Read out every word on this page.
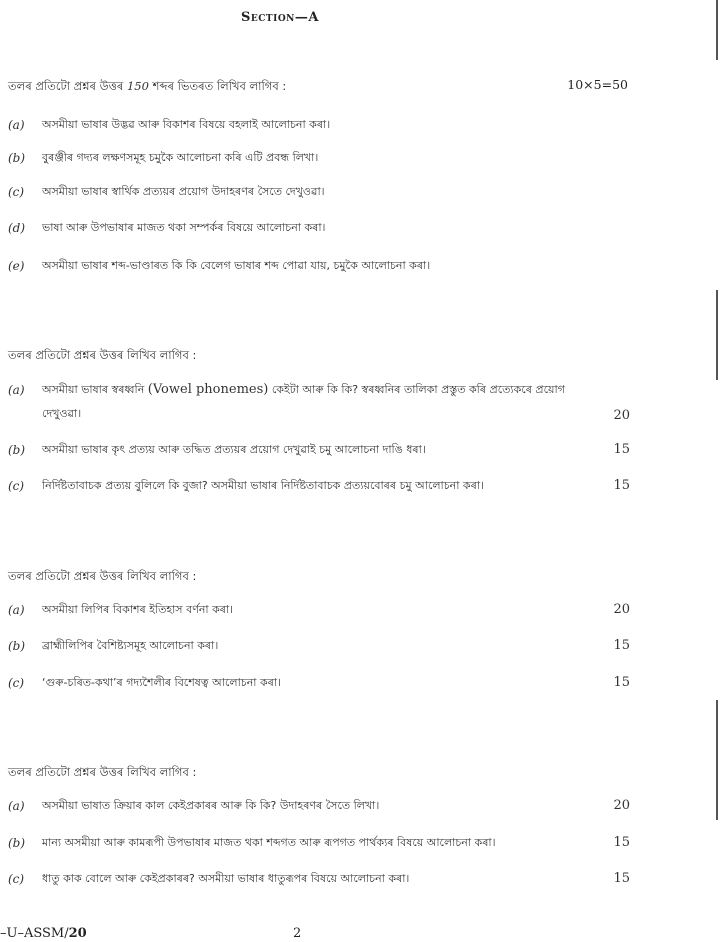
Section—A
তলৰ প্ৰতিটো প্ৰশ্নৰ উত্তৰ 150 শব্দৰ ভিতৰত লিখিব লাগিব :	10×5=50
(a)	অসমীয়া ভাষাৰ উদ্ভৱ আৰু বিকাশৰ বিষয়ে বহলাই আলোচনা কৰা।
(b)	বুৰঞ্জীৰ গদ্যৰ লক্ষণসমূহ চমুকৈ আলোচনা কৰি এটি প্ৰবন্ধ লিখা।
(c)	অসমীয়া ভাষাৰ স্বাৰ্থিক প্ৰত্যয়ৰ প্ৰয়োগ উদাহৰণৰ সৈতে দেখুওৱা।
(d)	ভাষা আৰু উপভাষাৰ মাজত থকা সম্পৰ্কৰ বিষয়ে আলোচনা কৰা।
(e)	অসমীয়া ভাষাৰ শব্দ-ভাণ্ডাৰত কি কি বেলেগ ভাষাৰ শব্দ পোৱা যায়, চমুকৈ আলোচনা কৰা।
তলৰ প্ৰতিটো প্ৰশ্নৰ উত্তৰ লিখিব লাগিব :
(a)	অসমীয়া ভাষাৰ স্বৰধ্বনি (Vowel phonemes) কেইটা আৰু কি কি? স্বৰধ্বনিৰ তালিকা প্ৰস্তুত কৰি প্ৰত্যেকৰে প্ৰয়োগ দেখুওৱা।	20
(b)	অসমীয়া ভাষাৰ কৃৎ প্ৰত্যয় আৰু তদ্ধিত প্ৰত্যয়ৰ প্ৰয়োগ দেখুৱাই চমু আলোচনা দাঙি ধৰা।	15
(c)	নিৰ্দিষ্টতাবাচক প্ৰত্যয় বুলিলে কি বুজা? অসমীয়া ভাষাৰ নিৰ্দিষ্টতাবাচক প্ৰত্যয়বোৰৰ চমু আলোচনা কৰা।	15
তলৰ প্ৰতিটো প্ৰশ্নৰ উত্তৰ লিখিব লাগিব :
(a)	অসমীয়া লিপিৰ বিকাশৰ ইতিহাস বৰ্ণনা কৰা।	20
(b)	ব্ৰাহ্মীলিপিৰ বৈশিষ্ট্যসমূহ আলোচনা কৰা।	15
(c)	‘গুৰু-চৰিত-কথা’ৰ গদ্যশৈলীৰ বিশেষত্ব আলোচনা কৰা।	15
তলৰ প্ৰতিটো প্ৰশ্নৰ উত্তৰ লিখিব লাগিব :
(a)	অসমীয়া ভাষাত ক্ৰিয়াৰ কাল কেইপ্ৰকাৰৰ আৰু কি কি? উদাহৰণৰ সৈতে লিখা।	20
(b)	মান্য অসমীয়া আৰু কামৰূপী উপভাষাৰ মাজত থকা শব্দগত আৰু ৰূপগত পাৰ্থক্যৰ বিষয়ে আলোচনা কৰা।	15
(c)	ধাতু কাক বোলে আৰু কেইপ্ৰকাৰৰ? অসমীয়া ভাষাৰ ধাতুৰূপৰ বিষয়ে আলোচনা কৰা।	15
–U–ASSM/20	2
